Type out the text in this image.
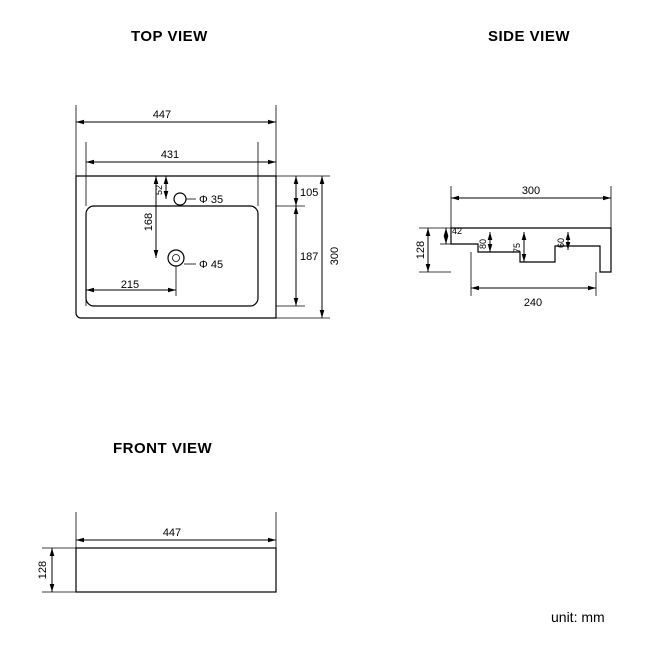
TOP VIEW	SIDE VIEW
FRONT VIEW
unit: mm
447
431
105
187 300
168
52
Φ 35
Φ 45
215
300
128
42
80	75	60
240
447
128
